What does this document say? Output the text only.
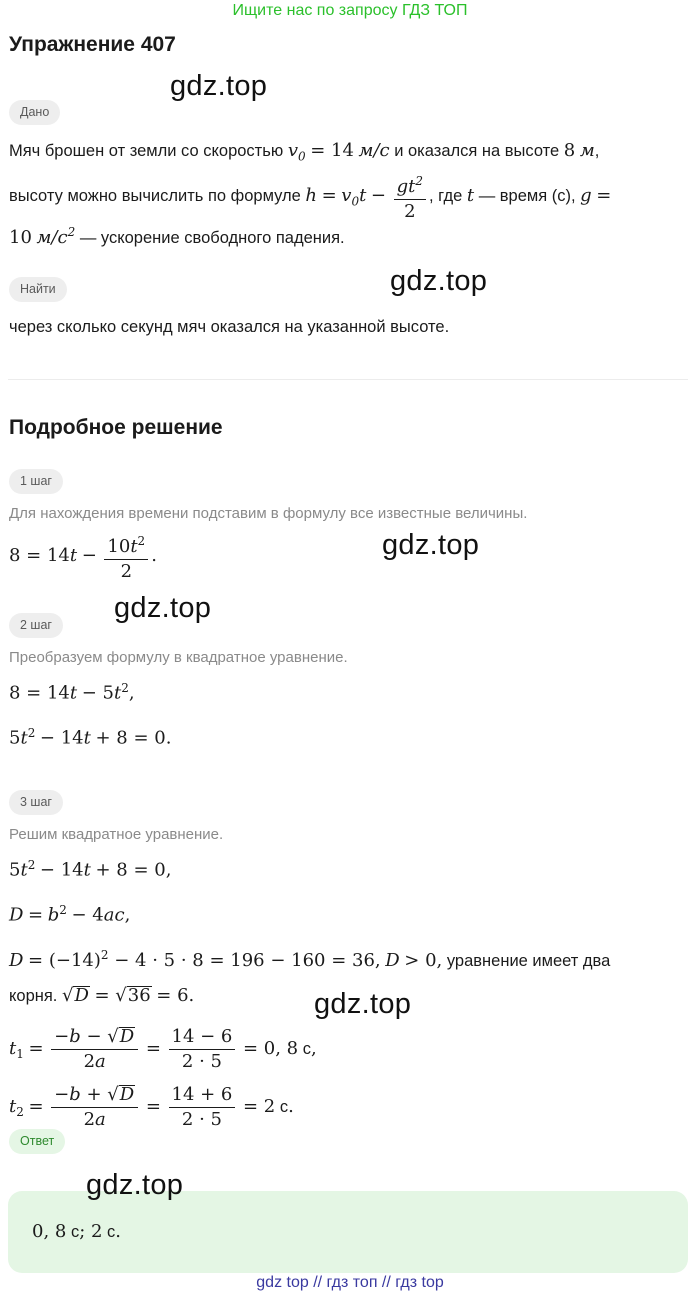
Ищите нас по запросу ГДЗ ТОП
Упражнение 407
gdz.top
Дано
Мяч брошен от земли со скоростью $v_0 = 14$ м/с и оказался на высоте 8 м,
высоту можно вычислить по формуле $h = v_0t - \frac{gt^2}{2}$ , где t — время (с), g =
10 $м/с^2$ — ускорение свободного падения.
Найти	gdz.top
через сколько секунд мяч оказался на указанной высоте.
Подробное решение
1 шаг
Для нахождения времени подставим в формулу все известные величины.
$8 = 14t - \frac{10t^2}{2}$ .	gdz.top
gdz.top
2 шаг
Преобразуем формулу в квадратное уравнение.
$8 = 14t - 5t^2$,
$5t^2 - 14t + 8 = 0$.
3 шаг
Решим квадратное уравнение.
$5t^2 - 14t + 8 = 0$,
$D = b^2 - 4ac$,
$D = (-14)^2 - 4 \cdot 5 \cdot 8 = 196 - 160 = 36$, D > 0, уравнение имеет два
корня. √D = √36 = 6.	gdz.top
$t_1 = \frac{-b - √D}{2a} = \frac{14 - 6}{2 \cdot 5} = 0$, 8 с,
$t_2 = \frac{-b + √D}{2a} = \frac{14 + 6}{2 \cdot 5} = 2$ с.
Ответ
gdz.top
0, 8 с; 2 с.
gdz top // гдз топ // гдз top
